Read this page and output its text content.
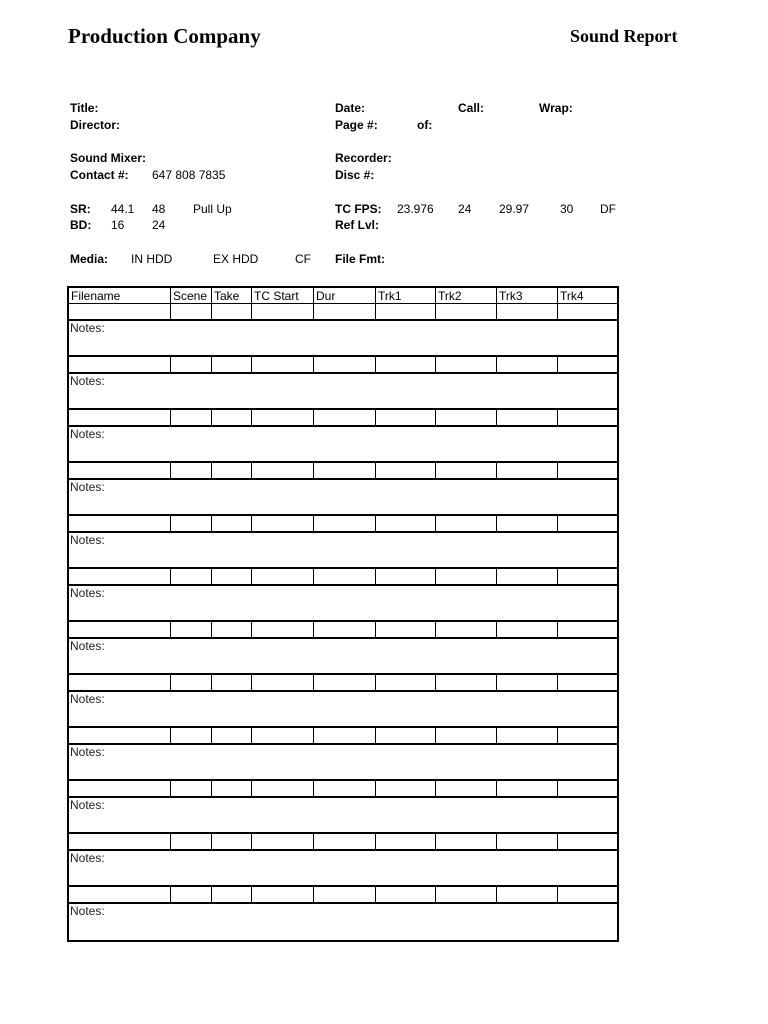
Production Company	Sound Report
Title:
Director:
Sound Mixer:
Contact #: 647 808 7835
SR: 44.1 48 Pull Up
BD: 16 24
Media: IN HDD	EX HDD	CF
Date:	Call:	Wrap:
Page #:	of:
Recorder:
Disc #:
TC FPS: 23.976 24 29.97	30 DF
Ref Lvl:
File Fmt:
Filename	Scene Take	TC Start	Dur	Trk1	Trk2	Trk3	Trk4
Notes:
Notes:
Notes:
Notes:
Notes:
Notes:
Notes:
Notes:
Notes:
Notes:
Notes:
Notes:
